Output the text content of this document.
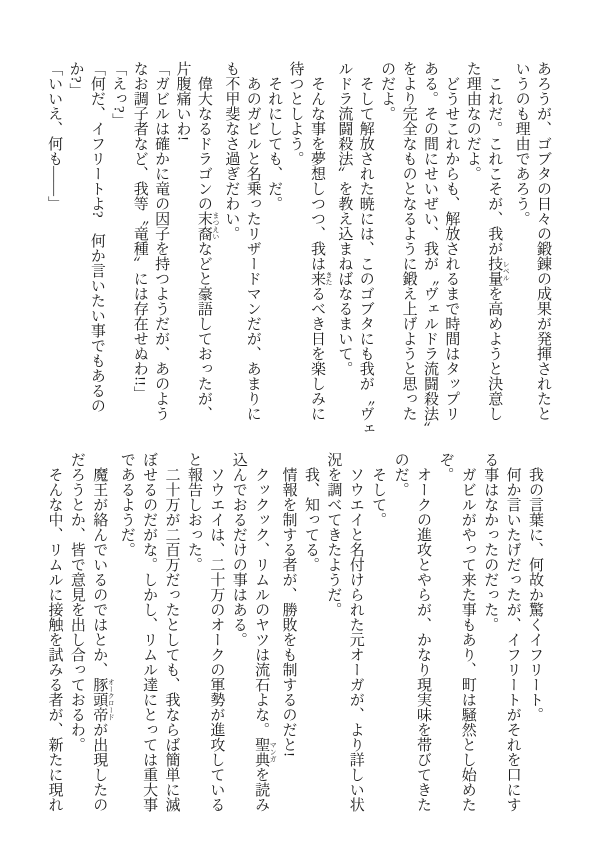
あろうが、ゴブタの日々の鍛錬の成果が発揮されたと

いうのも理由であろう。

これだ。これこそが、我が技量 レベルを高めようと決意し

た理由なのだよ。

どうせこれからも、解放されるまで時間はタップリ

ある。その間にせいぜい、我が〝ヴェルドラ流闘殺法〟

をより完全なものとなるように鍛え上げようと思った

のだよ。

そして解放された暁には、このゴブタにも我が〝ヴェ

ルドラ流闘殺法〟を教え込まねばなるまいて。

そんな事を夢想しつつ、我は来 きたるべき日を楽しみに

待つとしよう。

それにしても、だ。

あのガビルと名乗ったリザードマンだが、あまりに

も不甲斐なさ過ぎだわい。

偉大なるドラゴンの末裔 まつえいなどと豪語しておったが、

片腹痛いわ!

「ガビルは確かに竜の因子を持つようだが、あのよう

なお調子者など、我等〝竜種〟には存在せぬわ!!」

「えっ?」

「何だ、イフリートよ?　何か言いたい事でもあるの

か?」

「いいえ、何も――」

我の言葉に、何故か驚くイフリート。

何か言いたげだったが、イフリートがそれを口にす

る事はなかったのだった。

ガビルがやって来た事もあり、町は騒然とし始めた

ぞ。

オークの進攻とやらが、かなり現実味を帯びてきた

のだ。

そして。

ソウエイと名付けられた元オーガが、より詳しい状

況を調べてきたようだ。

我、知ってる。

情報を制する者が、勝敗をも制するのだと!

クックック、リムルのヤツは流石よな。聖典 マンガを読み

込んでおるだけの事はある。

ソウエイは、二十万のオークの軍勢が進攻している

と報告しおった。

二十万が二百万だったとしても、我ならば簡単に滅

ぼせるのだがな。しかし、リムル達にとっては重大事

であるようだ。

魔王が絡んでいるのではとか、豚頭帝 オークロードが出現したの

だろうとか、皆で意見を出し合っておるわ。

そんな中、リムルに接触を試みる者が、新たに現れ
